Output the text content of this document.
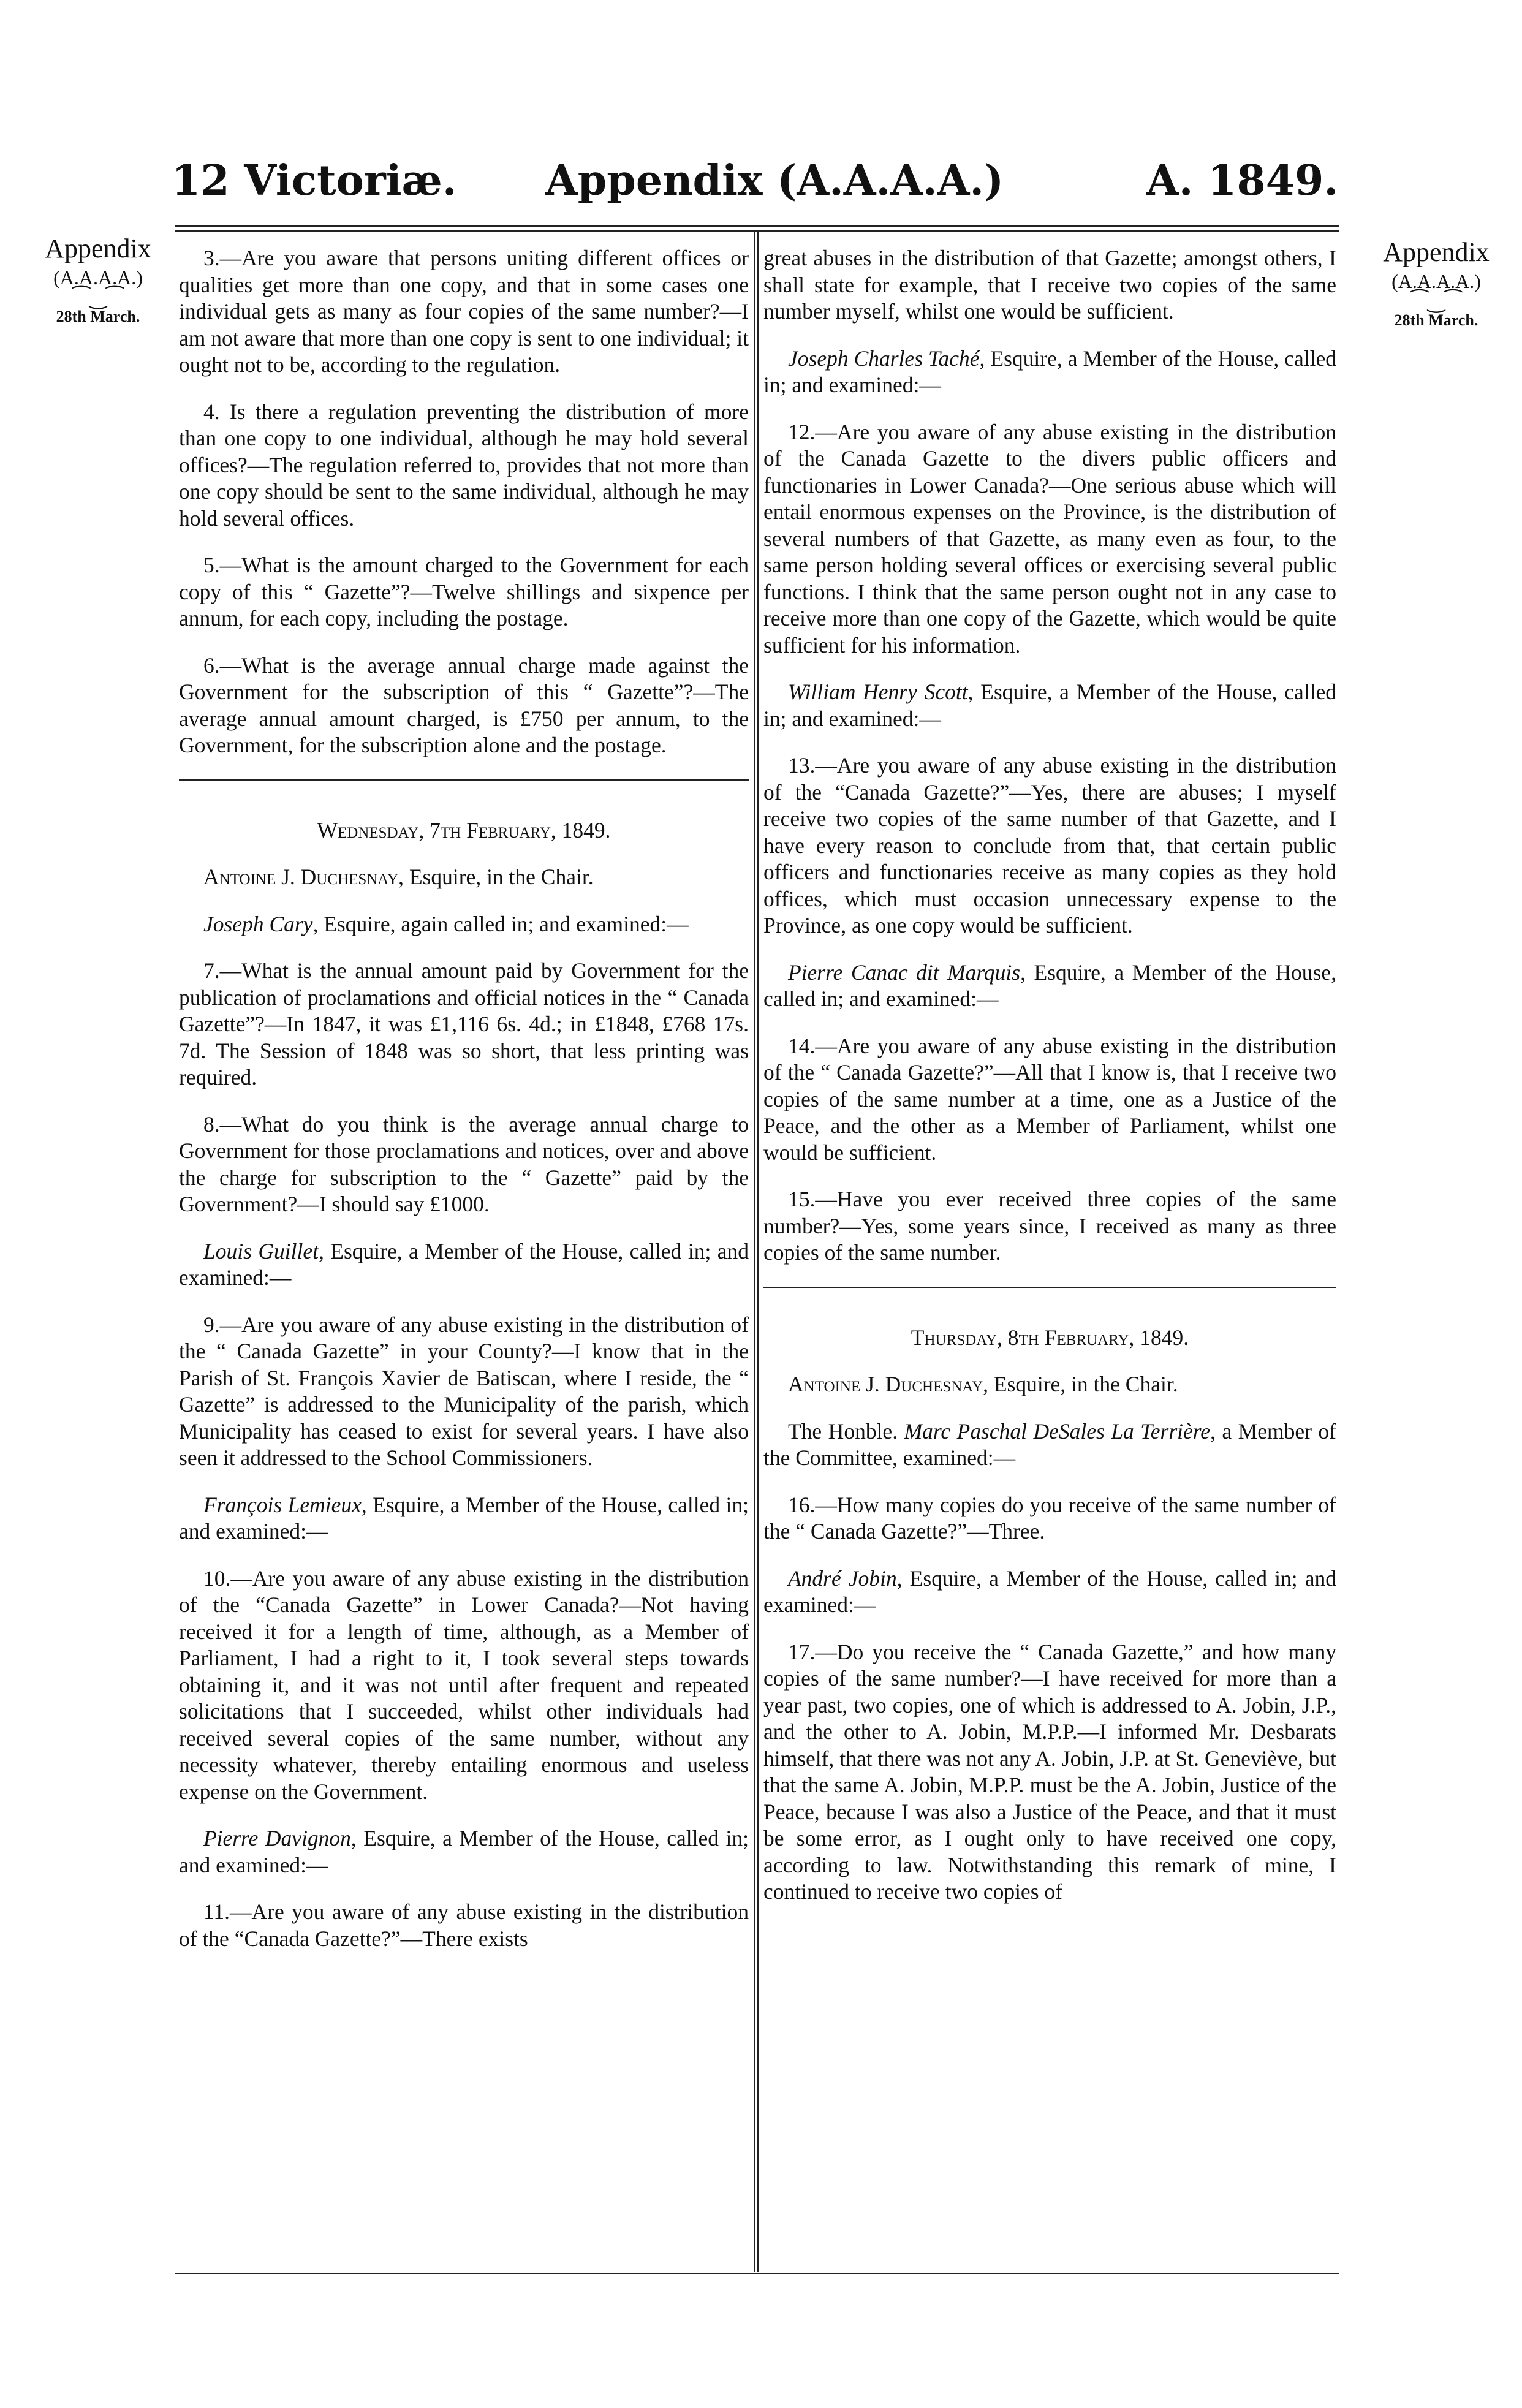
12 Victoriæ. Appendix (A.A.A.A.)	A. 1849.
Appendix
(A.A.A.A.)
⁀‿⁀
28th March.
Appendix
(A.A.A.A.)
⁀‿⁀
28th March.

3.—Are you aware that persons uniting different offices or qualities get more than one copy, and that in some cases one individual gets as many as four copies of the same number?—I am not aware that more than one copy is sent to one individual; it ought not to be, according to the regulation.

4. Is there a regulation preventing the distribution of more than one copy to one individual, although he may hold several offices?—The regulation referred to, provides that not more than one copy should be sent to the same individual, although he may hold several offices.

5.—What is the amount charged to the Government for each copy of this “ Gazette”?—Twelve shillings and sixpence per annum, for each copy, including the postage.

6.—What is the average annual charge made against the Government for the subscription of this “ Gazette”?—The average annual amount charged, is £750 per annum, to the Government, for the subscription alone and the postage.

Wednesday, 7th February, 1849.

Antoine J. Duchesnay, Esquire, in the Chair.

Joseph Cary, Esquire, again called in; and examined:—

7.—What is the annual amount paid by Government for the publication of proclamations and official notices in the “ Canada Gazette”?—In 1847, it was £1,116 6s. 4d.; in £1848, £768 17s. 7d. The Session of 1848 was so short, that less printing was required.

8.—What do you think is the average annual charge to Government for those proclamations and notices, over and above the charge for subscription to the “ Gazette” paid by the Government?—I should say £1000.

Louis Guillet, Esquire, a Member of the House, called in; and examined:—

9.—Are you aware of any abuse existing in the distribution of the “ Canada Gazette” in your County?—I know that in the Parish of St. François Xavier de Batiscan, where I reside, the “ Gazette” is addressed to the Municipality of the parish, which Municipality has ceased to exist for several years. I have also seen it addressed to the School Commissioners.

François Lemieux, Esquire, a Member of the House, called in; and examined:—

10.—Are you aware of any abuse existing in the distribution of the “Canada Gazette” in Lower Canada?—Not having received it for a length of time, although, as a Member of Parliament, I had a right to it, I took several steps towards obtaining it, and it was not until after frequent and repeated solicitations that I succeeded, whilst other individuals had received several copies of the same number, without any necessity whatever, thereby entailing enormous and useless expense on the Government.

Pierre Davignon, Esquire, a Member of the House, called in; and examined:—

11.—Are you aware of any abuse existing in the distribution of the “Canada Gazette?”—There exists

great abuses in the distribution of that Gazette; amongst others, I shall state for example, that I receive two copies of the same number myself, whilst one would be sufficient.

Joseph Charles Taché, Esquire, a Member of the House, called in; and examined:—

12.—Are you aware of any abuse existing in the distribution of the Canada Gazette to the divers public officers and functionaries in Lower Canada?—One serious abuse which will entail enormous expenses on the Province, is the distribution of several numbers of that Gazette, as many even as four, to the same person holding several offices or exercising several public functions. I think that the same person ought not in any case to receive more than one copy of the Gazette, which would be quite sufficient for his information.

William Henry Scott, Esquire, a Member of the House, called in; and examined:—

13.—Are you aware of any abuse existing in the distribution of the “Canada Gazette?”—Yes, there are abuses; I myself receive two copies of the same number of that Gazette, and I have every reason to conclude from that, that certain public officers and functionaries receive as many copies as they hold offices, which must occasion unnecessary expense to the Province, as one copy would be sufficient.

Pierre Canac dit Marquis, Esquire, a Member of the House, called in; and examined:—

14.—Are you aware of any abuse existing in the distribution of the “ Canada Gazette?”—All that I know is, that I receive two copies of the same number at a time, one as a Justice of the Peace, and the other as a Member of Parliament, whilst one would be sufficient.

15.—Have you ever received three copies of the same number?—Yes, some years since, I received as many as three copies of the same number.

Thursday, 8th February, 1849.

Antoine J. Duchesnay, Esquire, in the Chair.

The Honble. Marc Paschal DeSales La Terrière, a Member of the Committee, examined:—

16.—How many copies do you receive of the same number of the “ Canada Gazette?”—Three.

André Jobin, Esquire, a Member of the House, called in; and examined:—

17.—Do you receive the “ Canada Gazette,” and how many copies of the same number?—I have received for more than a year past, two copies, one of which is addressed to A. Jobin, J.P., and the other to A. Jobin, M.P.P.—I informed Mr. Desbarats himself, that there was not any A. Jobin, J.P. at St. Geneviève, but that the same A. Jobin, M.P.P. must be the A. Jobin, Justice of the Peace, because I was also a Justice of the Peace, and that it must be some error, as I ought only to have received one copy, according to law. Notwithstanding this remark of mine, I continued to receive two copies of
